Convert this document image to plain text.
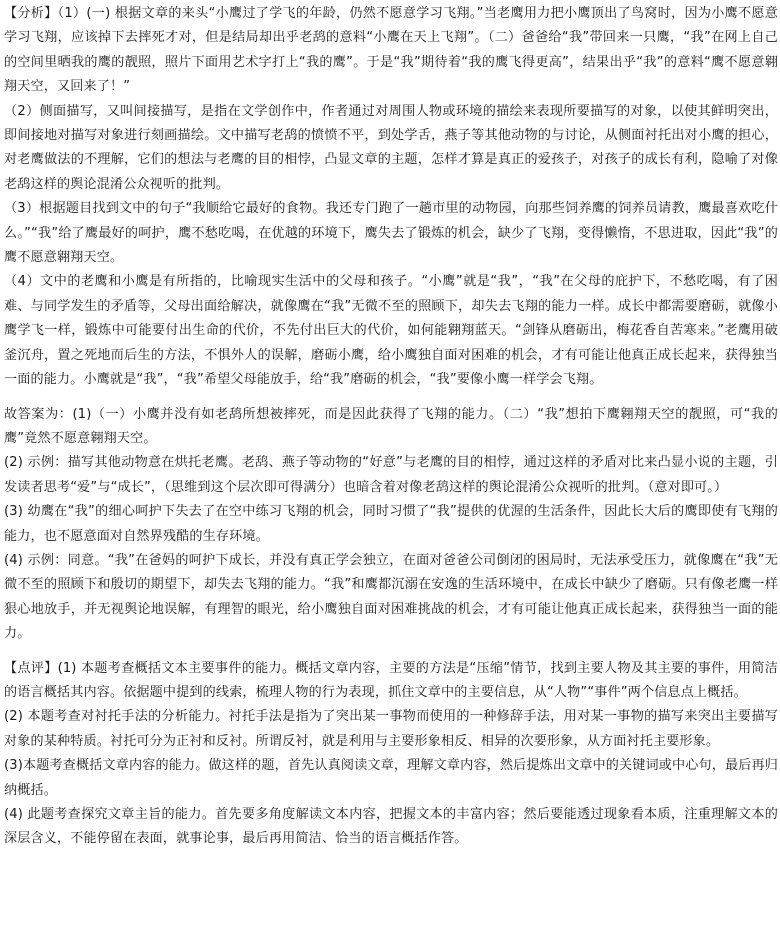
【分析】（1）(一) 根据文章的来头“小鹰过了学飞的年龄，仍然不愿意学习飞翔。”当老鹰用力把小鹰顶出了鸟窝时，因为小鹰不愿意学习飞翔，应该掉下去摔死才对，但是结局却出乎老鸹的意料“小鹰在天上飞翔”。（二）爸爸给“我”带回来一只鹰，“我”在网上自己的空间里晒我的鹰的靓照，照片下面用艺术字打上“我的鹰”。于是“我”期待着“我的鹰飞得更高”，结果出乎“我”的意料“鹰不愿意翱翔天空，又回来了！”

（2）侧面描写，又叫间接描写，是指在文学创作中，作者通过对周围人物或环境的描绘来表现所要描写的对象，以使其鲜明突出，即间接地对描写对象进行刻画描绘。文中描写老鸹的愤愤不平，到处学舌，燕子等其他动物的与讨论，从侧面衬托出对小鹰的担心，对老鹰做法的不理解，它们的想法与老鹰的目的相悖，凸显文章的主题，怎样才算是真正的爱孩子，对孩子的成长有利，隐喻了对像老鸹这样的舆论混淆公众视听的批判。

（3）根据题目找到文中的句子“我顺给它最好的食物。我还专门跑了一趟市里的动物园，向那些饲养鹰的饲养员请教，鹰最喜欢吃什么。”“我”给了鹰最好的呵护，鹰不愁吃喝，在优越的环境下，鹰失去了锻炼的机会，缺少了飞翔，变得懒惰，不思进取，因此“我”的鹰不愿意翱翔天空。

（4）文中的老鹰和小鹰是有所指的，比喻现实生活中的父母和孩子。“小鹰”就是“我”，“我”在父母的庇护下，不愁吃喝，有了困难、与同学发生的矛盾等，父母出面给解决，就像鹰在“我”无微不至的照顾下，却失去飞翔的能力一样。成长中都需要磨砺，就像小鹰学飞一样，锻炼中可能要付出生命的代价，不先付出巨大的代价，如何能翱翔蓝天。“剑锋从磨砺出，梅花香自苦寒来。”老鹰用破釜沉舟，置之死地而后生的方法，不惧外人的误解，磨砺小鹰，给小鹰独自面对困难的机会，才有可能让他真正成长起来，获得独当一面的能力。小鹰就是“我”，“我”希望父母能放手，给“我”磨砺的机会，“我”要像小鹰一样学会飞翔。

故答案为：(1)（一）小鹰并没有如老鸹所想被摔死，而是因此获得了飞翔的能力。（二）“我”想拍下鹰翱翔天空的靓照，可“我的鹰”竟然不愿意翱翔天空。

(2) 示例：描写其他动物意在烘托老鹰。老鸹、燕子等动物的“好意”与老鹰的目的相悖，通过这样的矛盾对比来凸显小说的主题，引发读者思考“爱”与“成长”，（思维到这个层次即可得满分）也暗含着对像老鸹这样的舆论混淆公众视听的批判。（意对即可。）

(3) 幼鹰在“我”的细心呵护下失去了在空中练习飞翔的机会，同时习惯了“我”提供的优渥的生活条件，因此长大后的鹰即使有飞翔的能力，也不愿意面对自然界残酷的生存环境。

(4) 示例：同意。“我”在爸妈的呵护下成长，并没有真正学会独立，在面对爸爸公司倒闭的困局时，无法承受压力，就像鹰在“我”无微不至的照顾下和殷切的期望下，却失去飞翔的能力。“我”和鹰都沉溺在安逸的生活环境中，在成长中缺少了磨砺。只有像老鹰一样狠心地放手，并无视舆论地误解，有理智的眼光，给小鹰独自面对困难挑战的机会，才有可能让他真正成长起来，获得独当一面的能力。

【点评】(1) 本题考查概括文本主要事件的能力。概括文章内容，主要的方法是“压缩”情节，找到主要人物及其主要的事件，用简洁的语言概括其内容。依据题中提到的线索，梳理人物的行为表现，抓住文章中的主要信息，从“人物”“事件”两个信息点上概括。

(2) 本题考查对衬托手法的分析能力。衬托手法是指为了突出某一事物而使用的一种修辞手法，用对某一事物的描写来突出主要描写对象的某种特质。衬托可分为正衬和反衬。所谓反衬，就是利用与主要形象相反、相异的次要形象，从方面衬托主要形象。

(3)本题考查概括文章内容的能力。做这样的题，首先认真阅读文章，理解文章内容，然后提炼出文章中的关键词或中心句，最后再归纳概括。

(4) 此题考查探究文章主旨的能力。首先要多角度解读文本内容，把握文本的丰富内容；然后要能透过现象看本质，注重理解文本的深层含义，不能停留在表面，就事论事，最后再用简洁、恰当的语言概括作答。
